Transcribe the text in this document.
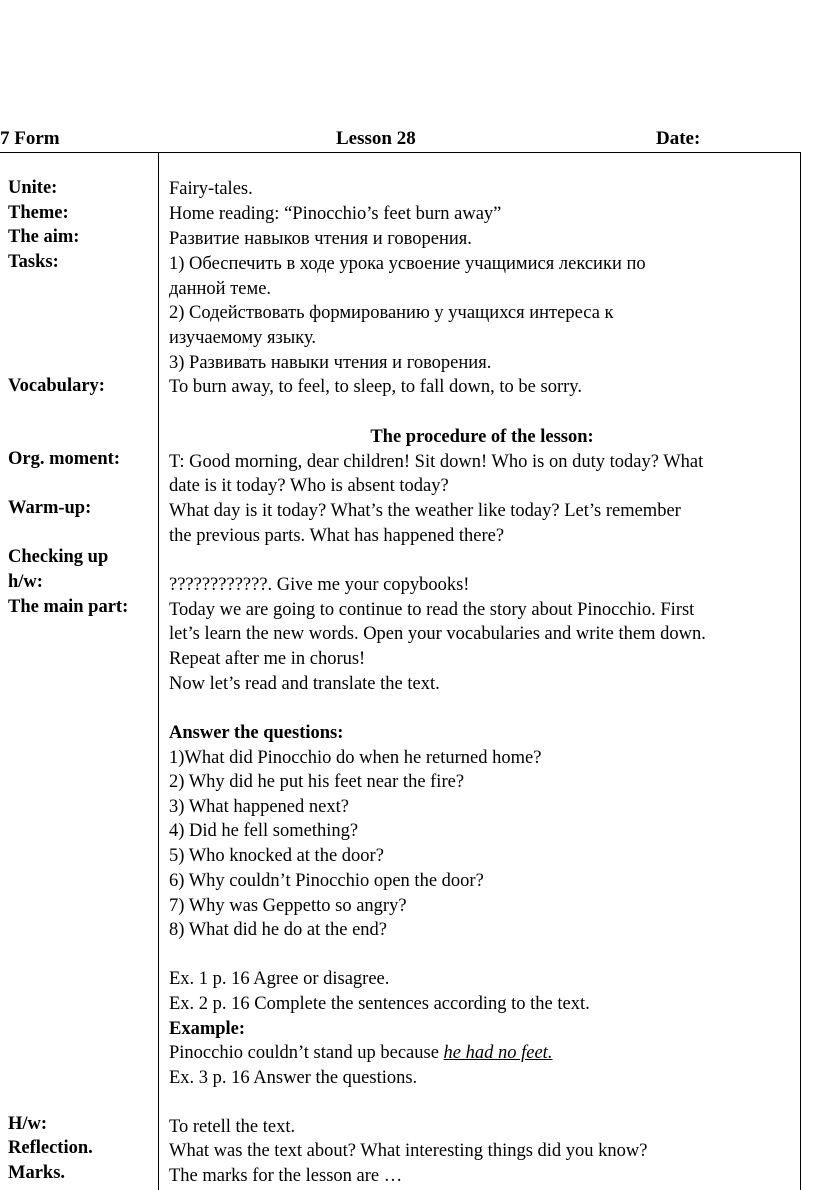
7 Form	Lesson 28	Date:
Unite:
Theme:
The aim:
Tasks:
Vocabulary:
Org. moment:
Warm-up:
Checking up
h/w:
The main part:
H/w:
Reflection.
Marks.
Fairy-tales.
Home reading: “Pinocchio’s feet burn away”
Развитие навыков чтения и говорения.
1) Обеспечить в ходе урока усвоение учащимися лексики по
данной теме.
2) Содействовать формированию у учащихся интереса к
изучаемому языку.
3) Развивать навыки чтения и говорения.
To burn away, to feel, to sleep, to fall down, to be sorry.
The procedure of the lesson:
T: Good morning, dear children! Sit down! Who is on duty today? What
date is it today? Who is absent today?
What day is it today? What’s the weather like today? Let’s remember
the previous parts. What has happened there?
????????????. Give me your copybooks!
Today we are going to continue to read the story about Pinocchio. First
let’s learn the new words. Open your vocabularies and write them down.
Repeat after me in chorus!
Now let’s read and translate the text.
Answer the questions:
1)What did Pinocchio do when he returned home?
2) Why did he put his feet near the fire?
3) What happened next?
4) Did he fell something?
5) Who knocked at the door?
6) Why couldn’t Pinocchio open the door?
7) Why was Geppetto so angry?
8) What did he do at the end?
Ex. 1 p. 16 Agree or disagree.
Ex. 2 p. 16 Complete the sentences according to the text.
Example:
Pinocchio couldn’t stand up because he had no feet.
Ex. 3 p. 16 Answer the questions.
To retell the text.
What was the text about? What interesting things did you know?
The marks for the lesson are …
